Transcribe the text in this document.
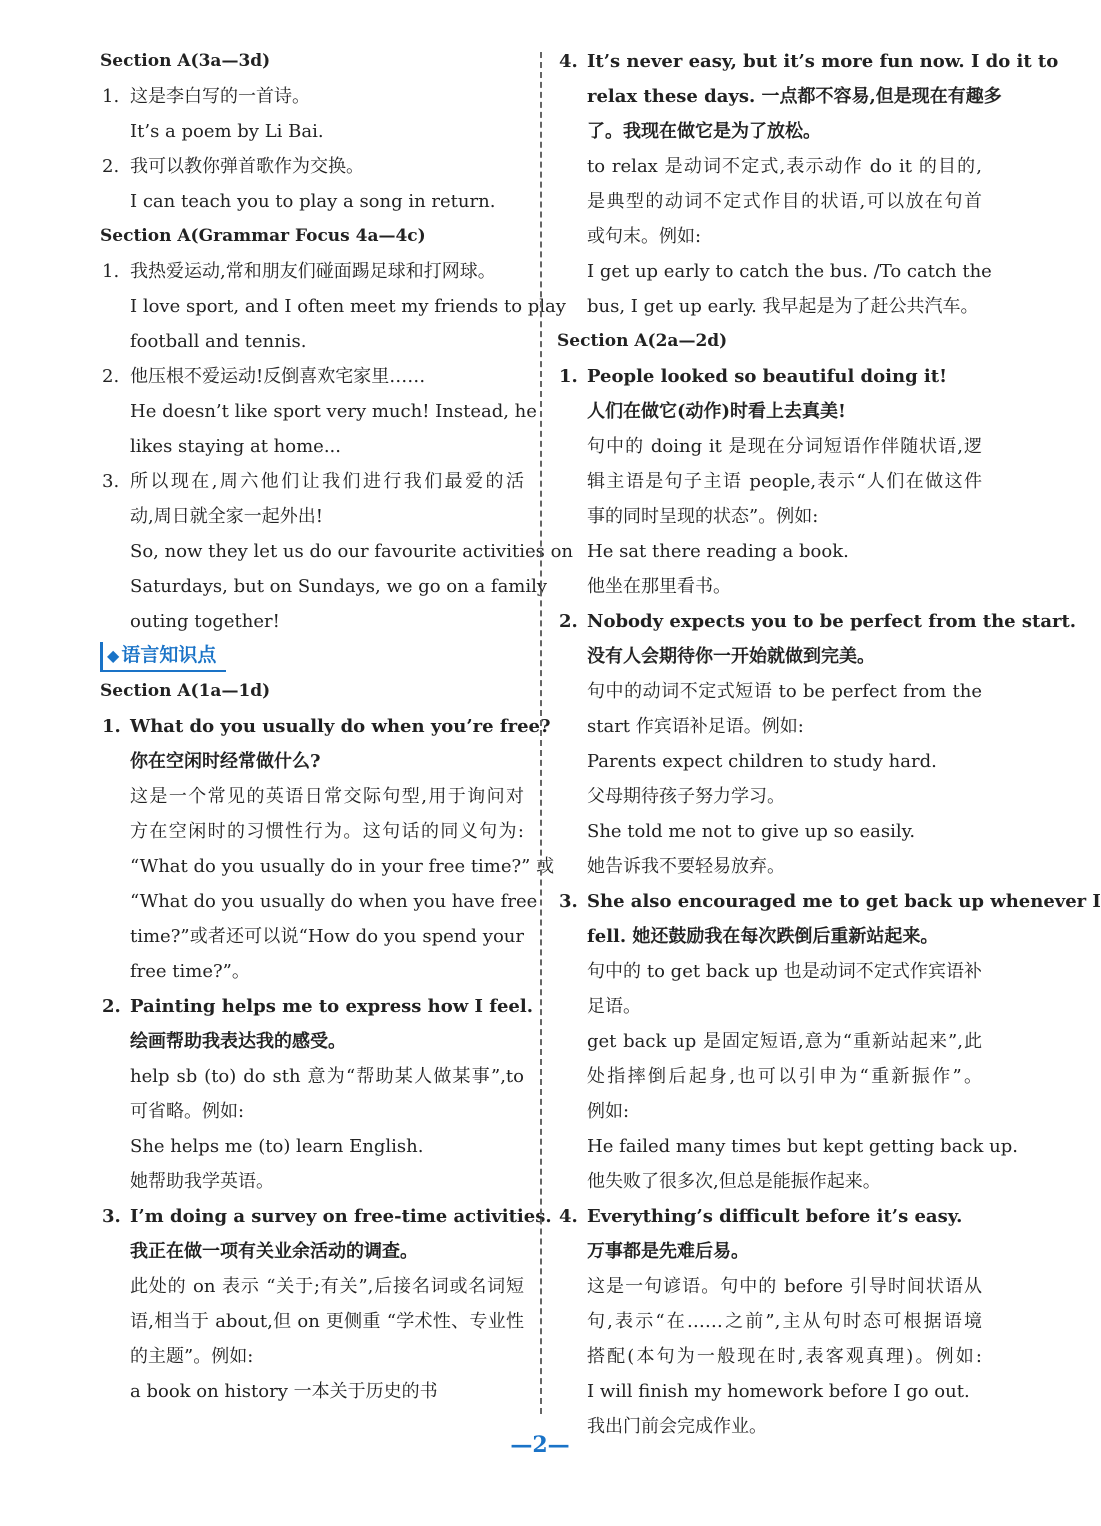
Section A(3a—3d)
1. 这是李白写的一首诗。
It’s a poem by Li Bai.
2. 我可以教你弹首歌作为交换。
I can teach you to play a song in return.
Section A(Grammar Focus 4a—4c)
1. 我热爱运动,常和朋友们碰面踢足球和打网球。
I love sport, and I often meet my friends to play
football and tennis.
2. 他压根不爱运动!反倒喜欢宅家里……
He doesn’t like sport very much! Instead, he
likes staying at home...
3. 所以现在,周六他们让我们进行我们最爱的活
动,周日就全家一起外出!
So, now they let us do our favourite activities on
Saturdays, but on Sundays, we go on a family
outing together!
◆ 语言知识点
Section A(1a—1d)
1. What do you usually do when you’re free?
你在空闲时经常做什么?
这是一个常见的英语日常交际句型,用于询问对
方在空闲时的习惯性行为。这句话的同义句为:
“What do you usually do in your free time?” 或
“What do you usually do when you have free
time?”或者还可以说“How do you spend your
free time?”。
2. Painting helps me to express how I feel.
绘画帮助我表达我的感受。
help sb (to) do sth 意为“帮助某人做某事”,to
可省略。例如:
She helps me (to) learn English.
她帮助我学英语。
3. I’m doing a survey on free-time activities.
我正在做一项有关业余活动的调查。
此处的 on 表示 “关于;有关”,后接名词或名词短
语,相当于 about,但 on 更侧重 “学术性、专业性
的主题”。例如:
a book on history 一本关于历史的书
4. It’s never easy, but it’s more fun now. I do it to
relax these days. 一点都不容易,但是现在有趣多
了。我现在做它是为了放松。
to relax 是动词不定式,表示动作 do it 的目的,
是典型的动词不定式作目的状语,可以放在句首
或句末。例如:
I get up early to catch the bus. /To catch the
bus, I get up early. 我早起是为了赶公共汽车。
Section A(2a—2d)
1. People looked so beautiful doing it!
人们在做它(动作)时看上去真美!
句中的 doing it 是现在分词短语作伴随状语,逻
辑主语是句子主语 people,表示“人们在做这件
事的同时呈现的状态”。例如:
He sat there reading a book.
他坐在那里看书。
2. Nobody expects you to be perfect from the start.
没有人会期待你一开始就做到完美。
句中的动词不定式短语 to be perfect from the
start 作宾语补足语。例如:
Parents expect children to study hard.
父母期待孩子努力学习。
She told me not to give up so easily.
她告诉我不要轻易放弃。
3. She also encouraged me to get back up whenever I
fell. 她还鼓励我在每次跌倒后重新站起来。
句中的 to get back up 也是动词不定式作宾语补
足语。
get back up 是固定短语,意为“重新站起来”,此
处指摔倒后起身,也可以引申为“重新振作”。
例如:
He failed many times but kept getting back up.
他失败了很多次,但总是能振作起来。
4. Everything’s difficult before it’s easy.
万事都是先难后易。
这是一句谚语。句中的 before 引导时间状语从
句,表示“在……之前”,主从句时态可根据语境
搭配(本句为一般现在时,表客观真理)。例如:
I will finish my homework before I go out.
我出门前会完成作业。
—2—
